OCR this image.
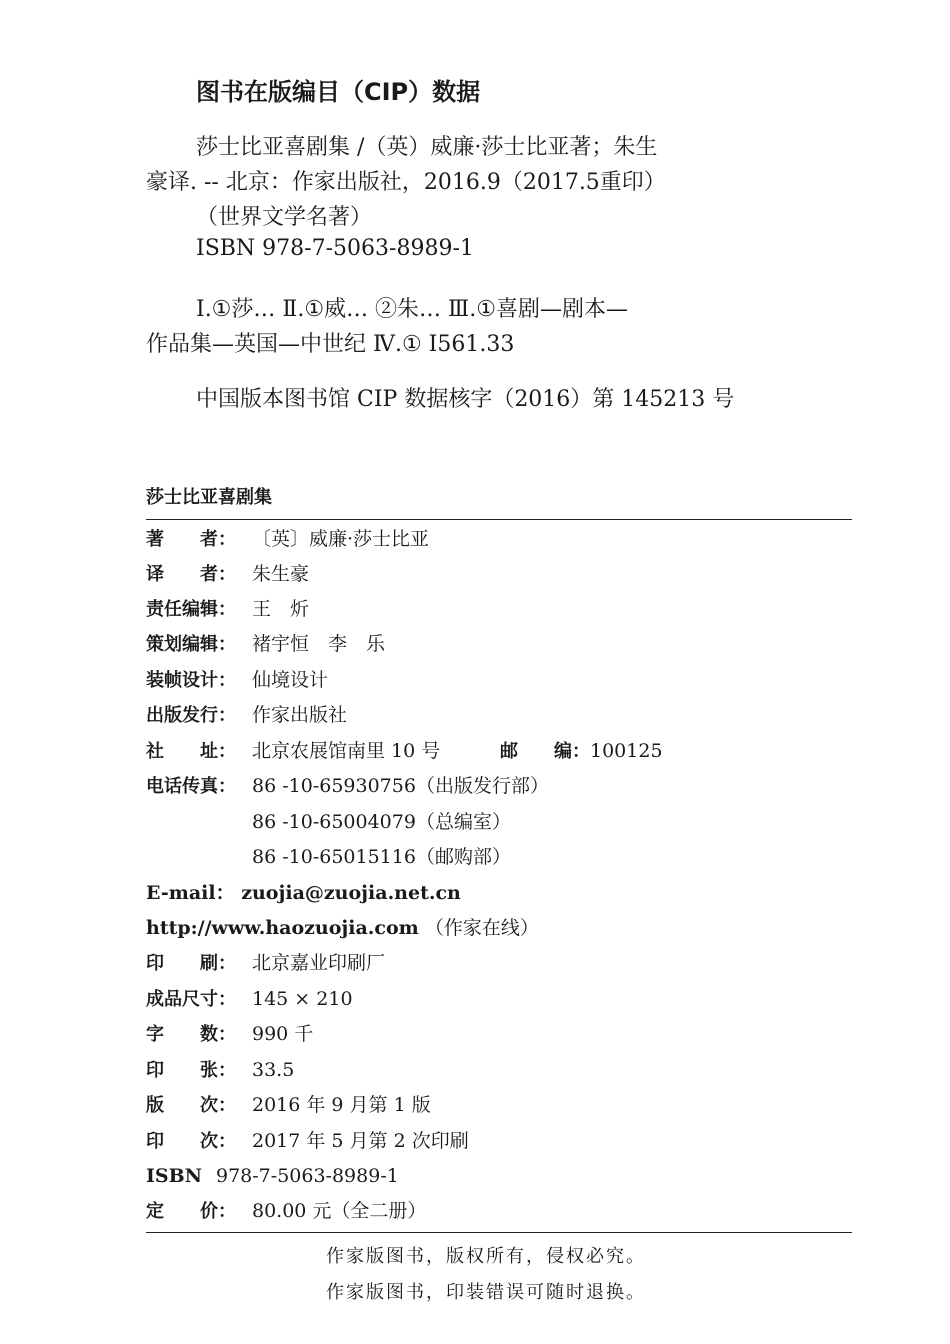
图书在版编目（CIP）数据
莎士比亚喜剧集 /（英）威廉·莎士比亚著；朱生
豪译. -- 北京：作家出版社，2016.9（2017.5重印）
（世界文学名著）
ISBN 978-7-5063-8989-1
Ⅰ.①莎… Ⅱ.①威… ②朱… Ⅲ.①喜剧—剧本—
作品集—英国—中世纪 Ⅳ.① I561.33
中国版本图书馆 CIP 数据核字（2016）第 145213 号
莎士比亚喜剧集
著　　者： 〔英〕威廉·莎士比亚
译　　者： 朱生豪
责任编辑： 王　炘
策划编辑： 褚宇恒　李　乐
装帧设计： 仙境设计
出版发行： 作家出版社
社　　址： 北京农展馆南里 10 号	邮　　编：100125
电话传真： 86 -10-65930756（出版发行部）
86 -10-65004079（总编室）
86 -10-65015116（邮购部）
E-mail： zuojia@zuojia.net.cn
http://www.haozuojia.com （作家在线）
印　　刷： 北京嘉业印刷厂
成品尺寸： 145 × 210
字　　数： 990 千
印　　张： 33.5
版　　次： 2016 年 9 月第 1 版
印　　次： 2017 年 5 月第 2 次印刷
ISBN 978-7-5063-8989-1
定　　价： 80.00 元（全二册）
作家版图书，版权所有，侵权必究。
作家版图书，印装错误可随时退换。
